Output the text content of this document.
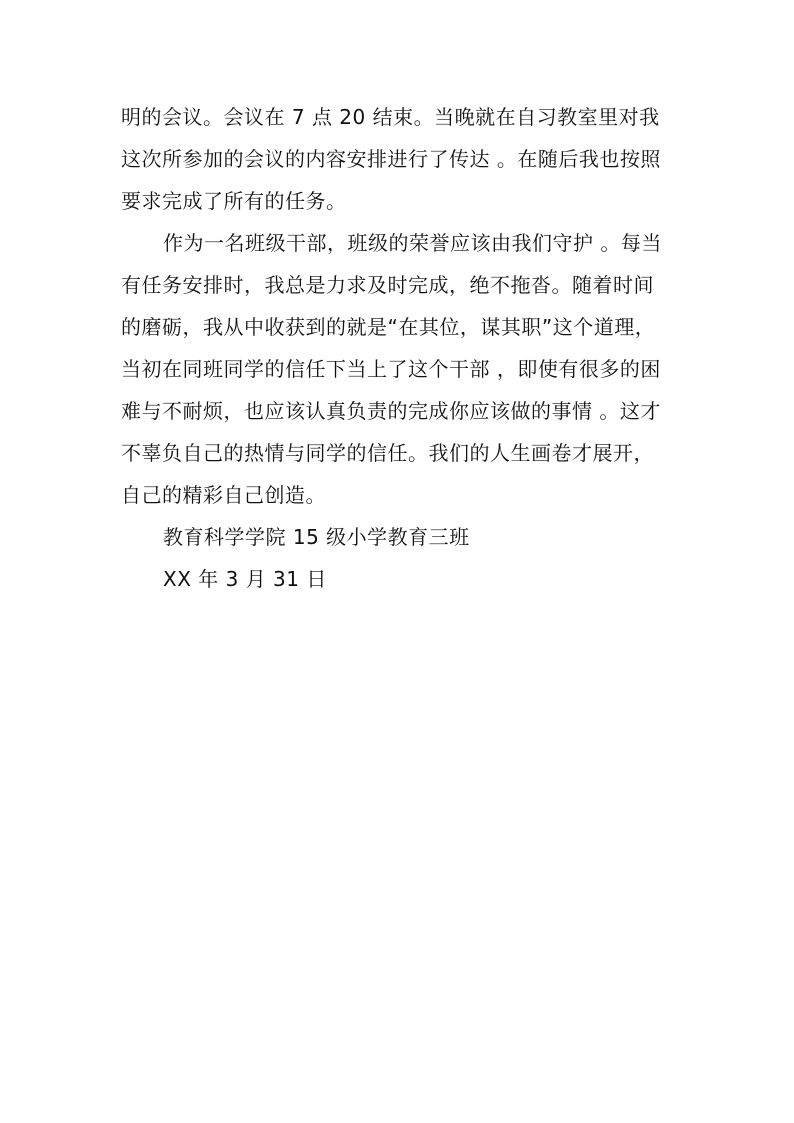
明的会议。会议在 7 点 20 结束。当晚就在自习教室里对我
这次所参加的会议的内容安排进行了传达 。在随后我也按照
要求完成了所有的任务。
作为一名班级干部，班级的荣誉应该由我们守护 。每当
有任务安排时，我总是力求及时完成，绝不拖沓。随着时间
的磨砺，我从中收获到的就是“在其位，谋其职”这个道理，
当初在同班同学的信任下当上了这个干部 ，即使有很多的困
难与不耐烦，也应该认真负责的完成你应该做的事情 。这才
不辜负自己的热情与同学的信任。我们的人生画卷才展开，
自己的精彩自己创造。
教育科学学院 15 级小学教育三班
XX 年 3 月 31 日
